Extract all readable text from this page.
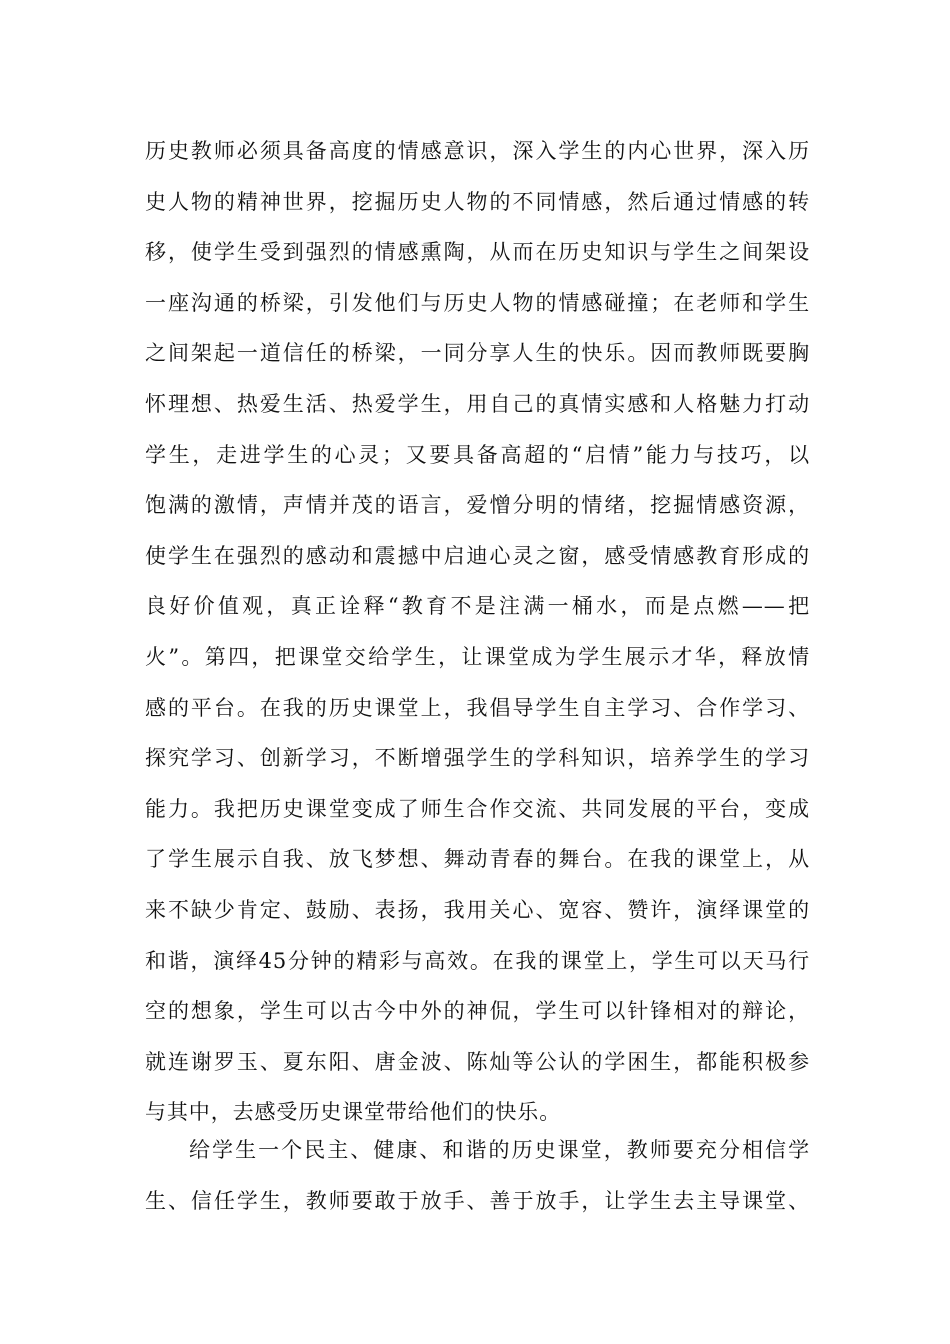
历史教师必须具备高度的情感意识，深入学生的内心世界，深入历
史人物的精神世界，挖掘历史人物的不同情感，然后通过情感的转
移，使学生受到强烈的情感熏陶，从而在历史知识与学生之间架设
一座沟通的桥梁，引发他们与历史人物的情感碰撞；在老师和学生
之间架起一道信任的桥梁，一同分享人生的快乐。因而教师既要胸
怀理想、热爱生活、热爱学生，用自己的真情实感和人格魅力打动
学生，走进学生的心灵；又要具备高超的“启情”能力与技巧，以
饱满的激情，声情并茂的语言，爱憎分明的情绪，挖掘情感资源，
使学生在强烈的感动和震撼中启迪心灵之窗，感受情感教育形成的
良好价值观，真正诠释“教育不是注满一桶水，而是点燃——把
火”。第四，把课堂交给学生，让课堂成为学生展示才华，释放情
感的平台。在我的历史课堂上，我倡导学生自主学习、合作学习、
探究学习、创新学习，不断增强学生的学科知识，培养学生的学习
能力。我把历史课堂变成了师生合作交流、共同发展的平台，变成
了学生展示自我、放飞梦想、舞动青春的舞台。在我的课堂上，从
来不缺少肯定、鼓励、表扬，我用关心、宽容、赞许，演绎课堂的
和谐，演绎45分钟的精彩与高效。在我的课堂上，学生可以天马行
空的想象，学生可以古今中外的神侃，学生可以针锋相对的辩论，
就连谢罗玉、夏东阳、唐金波、陈灿等公认的学困生，都能积极参
与其中，去感受历史课堂带给他们的快乐。
给学生一个民主、健康、和谐的历史课堂，教师要充分相信学
生、信任学生，教师要敢于放手、善于放手，让学生去主导课堂、
